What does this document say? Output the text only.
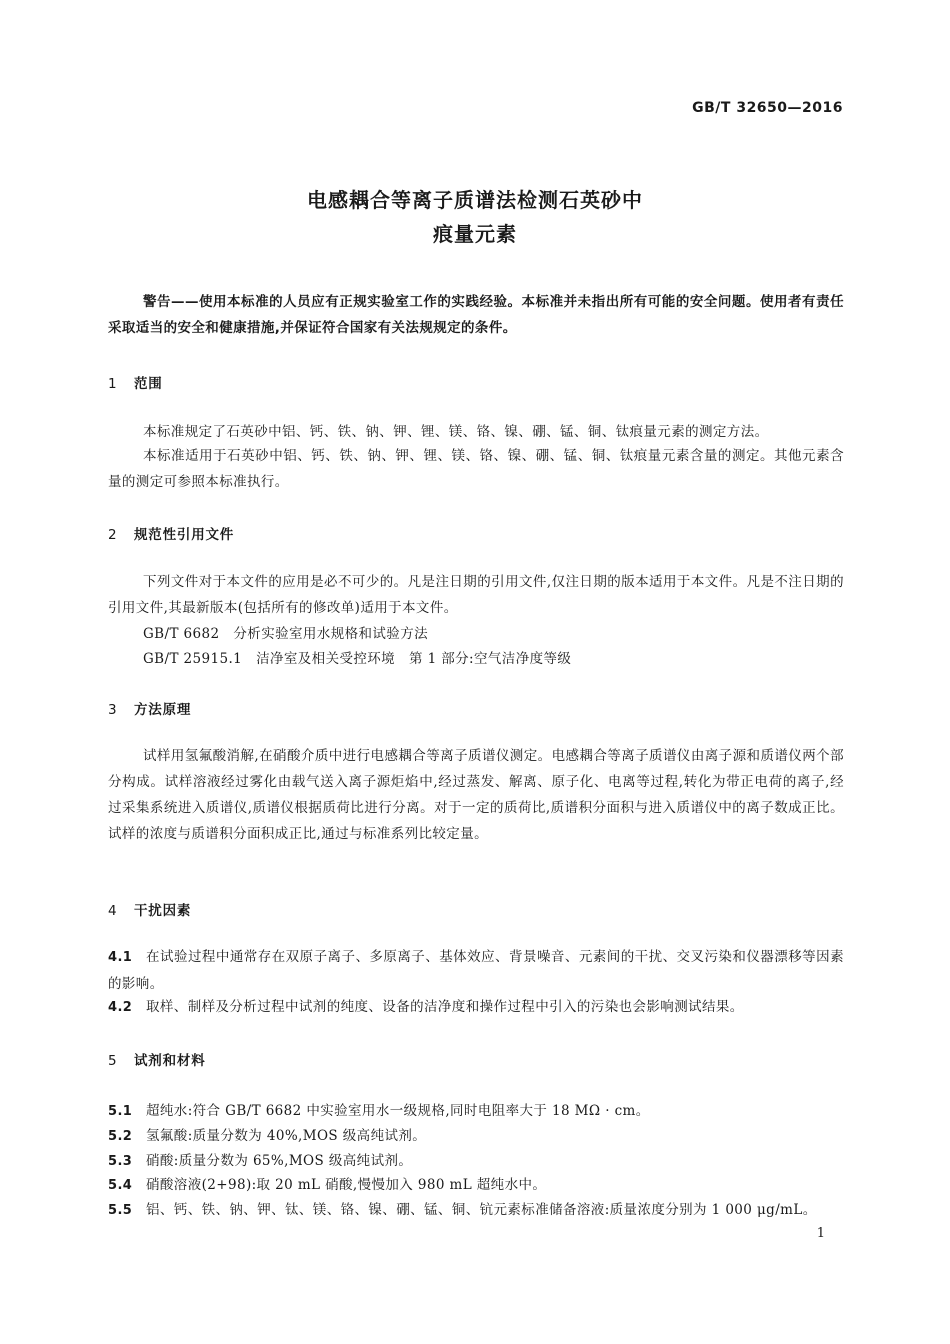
GB/T 32650—2016
电感耦合等离子质谱法检测石英砂中
痕量元素
警告——使用本标准的人员应有正规实验室工作的实践经验。本标准并未指出所有可能的安全问题。使用者有责任采取适当的安全和健康措施,并保证符合国家有关法规规定的条件。
1 范围
本标准规定了石英砂中铝、钙、铁、钠、钾、锂、镁、铬、镍、硼、锰、铜、钛痕量元素的测定方法。
本标准适用于石英砂中铝、钙、铁、钠、钾、锂、镁、铬、镍、硼、锰、铜、钛痕量元素含量的测定。其他元素含量的测定可参照本标准执行。
2 规范性引用文件
下列文件对于本文件的应用是必不可少的。凡是注日期的引用文件,仅注日期的版本适用于本文件。凡是不注日期的引用文件,其最新版本(包括所有的修改单)适用于本文件。
GB/T 6682　分析实验室用水规格和试验方法
GB/T 25915.1　洁净室及相关受控环境　第 1 部分:空气洁净度等级
3 方法原理
试样用氢氟酸消解,在硝酸介质中进行电感耦合等离子质谱仪测定。电感耦合等离子质谱仪由离子源和质谱仪两个部分构成。试样溶液经过雾化由载气送入离子源炬焰中,经过蒸发、解离、原子化、电离等过程,转化为带正电荷的离子,经过采集系统进入质谱仪,质谱仪根据质荷比进行分离。对于一定的质荷比,质谱积分面积与进入质谱仪中的离子数成正比。试样的浓度与质谱积分面积成正比,通过与标准系列比较定量。
4 干扰因素
4.1 在试验过程中通常存在双原子离子、多原离子、基体效应、背景噪音、元素间的干扰、交叉污染和仪器漂移等因素的影响。
4.2 取样、制样及分析过程中试剂的纯度、设备的洁净度和操作过程中引入的污染也会影响测试结果。
5 试剂和材料
5.1 超纯水:符合 GB/T 6682 中实验室用水一级规格,同时电阻率大于 18 MΩ · cm。
5.2 氢氟酸:质量分数为 40%,MOS 级高纯试剂。
5.3 硝酸:质量分数为 65%,MOS 级高纯试剂。
5.4 硝酸溶液(2+98):取 20 mL 硝酸,慢慢加入 980 mL 超纯水中。
5.5 铝、钙、铁、钠、钾、钛、镁、铬、镍、硼、锰、铜、钪元素标准储备溶液:质量浓度分别为 1 000 μg/mL。
1
